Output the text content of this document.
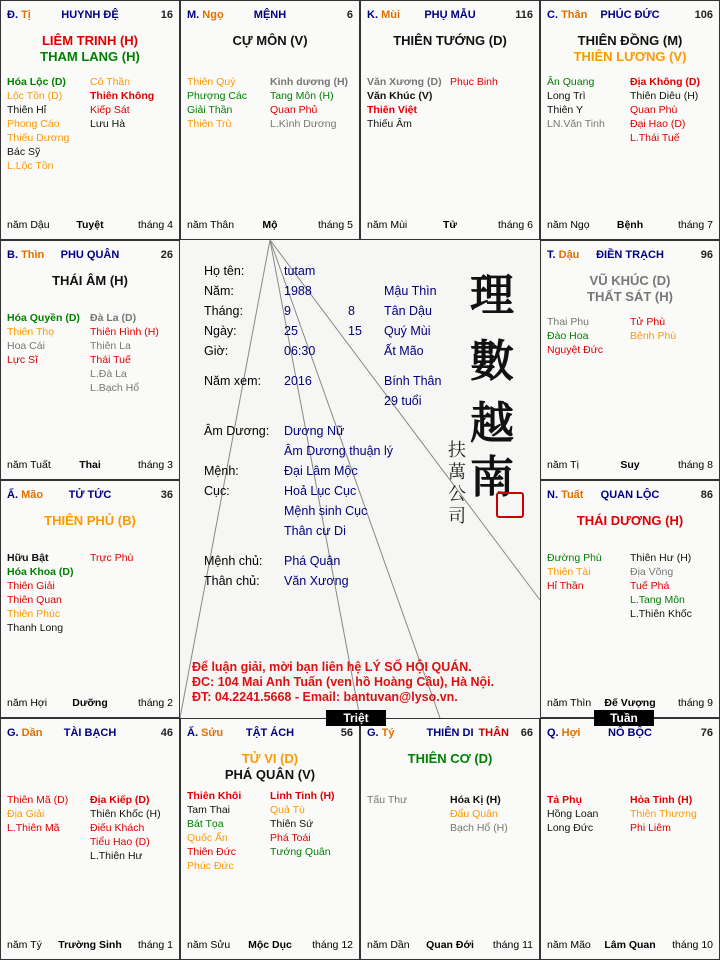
Đ. Tị	HUYNH ĐỆ	16
LIÊM TRINH (H)
THAM LANG (H)
Hóa Lộc (D)
Lộc Tồn (D)
Thiên Hỉ
Phong Cáo
Thiếu Dương
Bác Sỹ
L.Lộc Tồn
Cô Thần
Thiên Không
Kiếp Sát
Lưu Hà
năm Dậu	Tuyệt	tháng 4
M. Ngọ	MỆNH	6
CỰ MÔN (V)
Thiên Quý
Phượng Các
Giải Thần
Thiên Trù
Kình dương (H)
Tang Môn (H)
Quan Phủ
L.Kình Dương
năm Thân	Mộ	tháng 5
K. Mùi	PHỤ MẪU	116
THIÊN TƯỚNG (D)
Văn Xương (D)
Văn Khúc (V)
Thiên Việt
Thiếu Âm
Phục Binh
năm Mùi	Tử	tháng 6
C. Thân	PHÚC ĐỨC	106
THIÊN ĐỒNG (M)
THIÊN LƯƠNG (V)
Ân Quang
Long Trì
Thiên Y
LN.Văn Tinh
Địa Không (D)
Thiên Diêu (H)
Quan Phù
Đại Hao (D)
L.Thái Tuế
năm Ngọ	Bệnh	tháng 7
B. Thìn	PHU QUÂN	26
THÁI ÂM (H)
Hóa Quyền (D)
Thiên Thọ
Hoa Cái
Lực Sĩ
Đà La (D)
Thiên Hình (H)
Thiên La
Thái Tuế
L.Đà La
L.Bạch Hổ
năm Tuất	Thai	tháng 3
T. Dậu	ĐIỀN TRẠCH	96
VŨ KHÚC (D)
THẤT SÁT (H)
Thai Phụ
Đào Hoa
Nguyệt Đức
Tử Phù
Bệnh Phù
năm Tị	Suy	tháng 8
Ấ. Mão	TỬ TỨC	36
THIÊN PHỦ (B)
Hữu Bật
Hóa Khoa (D)
Thiên Giải
Thiên Quan
Thiên Phúc
Thanh Long
Trực Phù
năm Hợi	Dưỡng	tháng 2
N. Tuất	QUAN LỘC	86
THÁI DƯƠNG (H)
Đường Phù
Thiên Tài
Hỉ Thần
Thiên Hư (H)
Địa Võng
Tuế Phá
L.Tang Môn
L.Thiên Khốc
năm Thìn	Đế Vượng	tháng 9
G. Dần	TÀI BẠCH	46
Thiên Mã (D)
Địa Giải
L.Thiên Mã
Địa Kiếp (D)
Thiên Khốc (H)
Điếu Khách
Tiểu Hao (D)
L.Thiên Hư
năm Tý	Trường Sinh	tháng 1
Ấ. Sửu	TẬT ÁCH	56
TỬ VI (D)
PHÁ QUÂN (V)
Thiên Khôi
Tam Thai
Bát Tọa
Quốc Ấn
Thiên Đức
Phúc Đức
Linh Tinh (H)
Quả Tú
Thiên Sứ
Phá Toái
Tướng Quân
năm Sửu	Mộc Dục	tháng 12
G. Tý	THIÊN DI THÂN 66
THIÊN CƠ (D)
Tấu Thư	Hóa Kị (H)
Đẩu Quân
Bạch Hổ (H)
năm Dần	Quan Đới	tháng 11
Q. Hợi	NÔ BỘC	76
Tả Phụ
Hồng Loan
Long Đức
Hỏa Tinh (H)
Thiên Thương
Phi Liêm
năm Mão	Lâm Quan	tháng 10
Họ tên:	tutam
Năm:	1988	Mậu Thìn
Tháng:	9	8 Tân Dậu
Ngày:	25	15 Quý Mùi
Giờ:	06:30	Ất Mão
Năm xem: 2016	Bính Thân
29 tuổi
Âm Dương: Dương Nữ
Âm Dương thuận lý
Mệnh:	Đại Lâm Mộc
Cục:	Hoả Lục Cục
Mệnh sinh Cục
Thân cư Di
Mệnh chủ: Phá Quân
Thân chủ: Văn Xương
理
數
越
南
扶萬公司
Để luận giải, mời bạn liên hệ LÝ SỐ HỘI QUÁN.
ĐC: 104 Mai Anh Tuấn (ven hồ Hoàng Cầu), Hà Nội.
ĐT: 04.2241.5668 - Email: bantuvan@lyso.vn.
Triệt	Tuần
